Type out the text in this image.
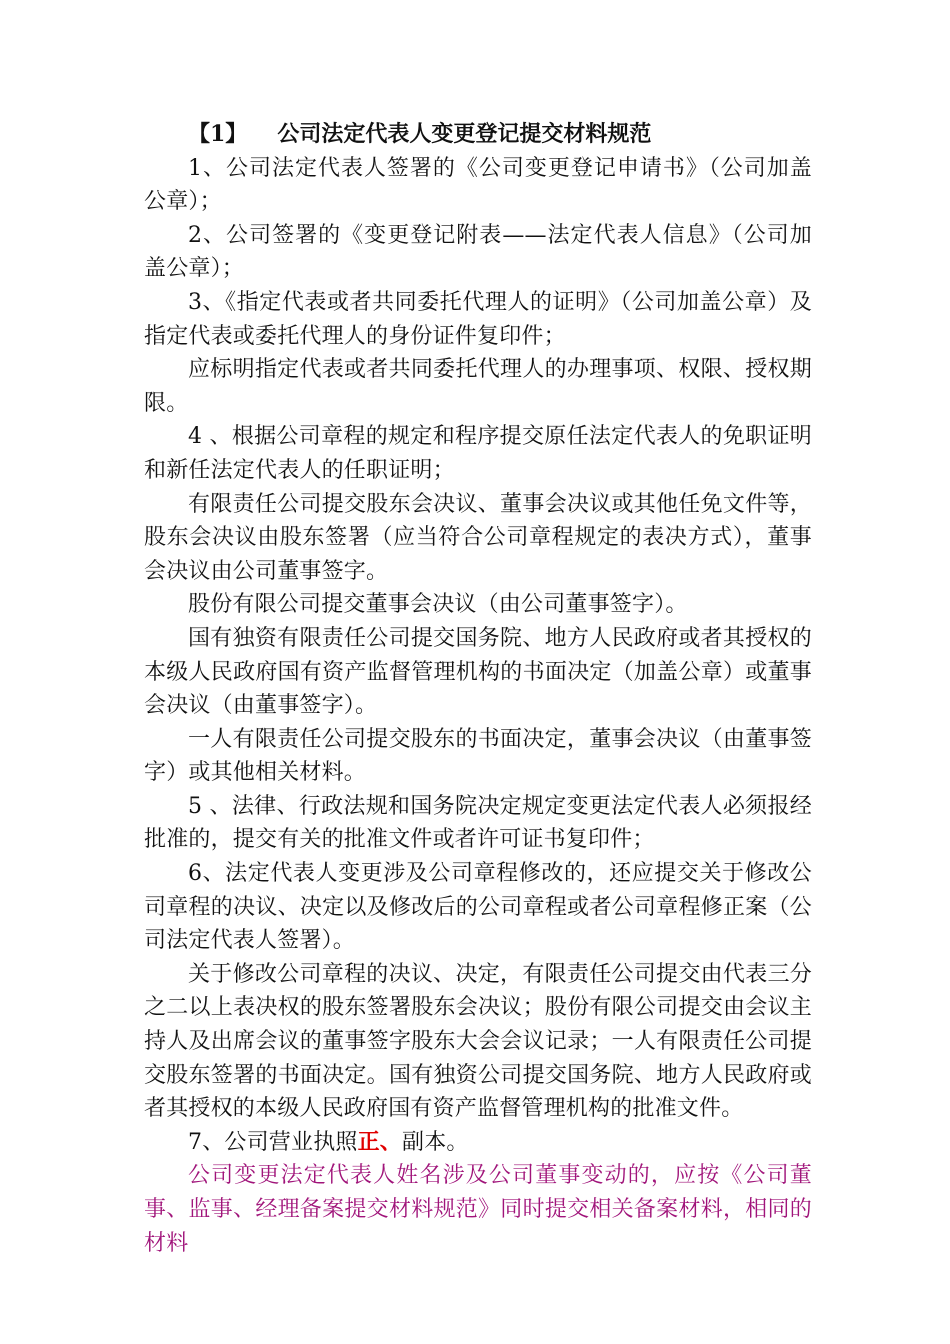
【1】 公司法定代表人变更登记提交材料规范

1、公司法定代表人签署的《公司变更登记申请书》（公司加盖公章）；

2、公司签署的《变更登记附表——法定代表人信息》（公司加盖公章）；

3、《指定代表或者共同委托代理人的证明》（公司加盖公章）及指定代表或委托代理人的身份证件复印件；

应标明指定代表或者共同委托代理人的办理事项、权限、授权期限。

4 、根据公司章程的规定和程序提交原任法定代表人的免职证明和新任法定代表人的任职证明；

有限责任公司提交股东会决议、董事会决议或其他任免文件等，股东会决议由股东签署（应当符合公司章程规定的表决方式），董事会决议由公司董事签字。

股份有限公司提交董事会决议（由公司董事签字）。

国有独资有限责任公司提交国务院、地方人民政府或者其授权的本级人民政府国有资产监督管理机构的书面决定（加盖公章）或董事会决议（由董事签字）。

一人有限责任公司提交股东的书面决定，董事会决议（由董事签字）或其他相关材料。

5 、法律、行政法规和国务院决定规定变更法定代表人必须报经批准的，提交有关的批准文件或者许可证书复印件；

6、法定代表人变更涉及公司章程修改的，还应提交关于修改公司章程的决议、决定以及修改后的公司章程或者公司章程修正案（公司法定代表人签署）。

关于修改公司章程的决议、决定，有限责任公司提交由代表三分之二以上表决权的股东签署股东会决议；股份有限公司提交由会议主持人及出席会议的董事签字股东大会会议记录；一人有限责任公司提交股东签署的书面决定。国有独资公司提交国务院、地方人民政府或者其授权的本级人民政府国有资产监督管理机构的批准文件。

7、公司营业执照正、副本。

公司变更法定代表人姓名涉及公司董事变动的，应按《公司董事、监事、经理备案提交材料规范》同时提交相关备案材料，相同的材料
